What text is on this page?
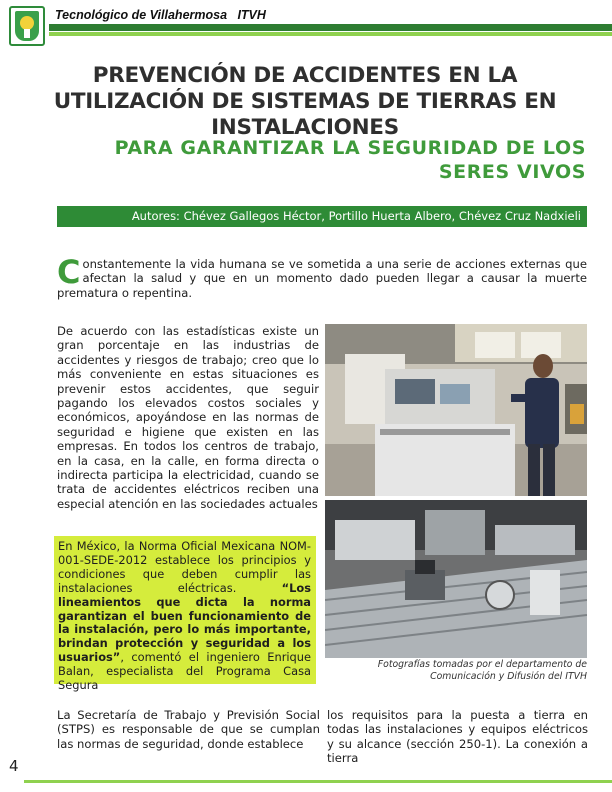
Tecnológico de Villahermosa   ITVH
PREVENCIÓN DE ACCIDENTES EN LA UTILIZACIÓN DE SISTEMAS DE TIERRAS EN INSTALACIONES
PARA GARANTIZAR LA SEGURIDAD DE LOS SERES VIVOS
Autores: Chévez Gallegos Héctor, Portillo Huerta Albero, Chévez Cruz Nadxieli
Constantemente la vida humana se ve sometida a una serie de acciones externas que afectan la salud y que en un momento dado pueden llegar a causar la muerte prematura o repentina.
De acuerdo con las estadísticas existe un gran porcentaje en las industrias de accidentes y riesgos de trabajo; creo que lo más conveniente en estas situaciones es prevenir estos accidentes, que seguir pagando los elevados costos sociales y económicos, apoyándose en las normas de seguridad e higiene que existen en las empresas. En todos los centros de trabajo, en la casa, en la calle, en forma directa o indirecta participa la electricidad, cuando se trata de accidentes eléctricos reciben una especial atención en las sociedades actuales
En México, la Norma Oficial Mexicana NOM-001-SEDE-2012 establece los principios y condiciones que deben cumplir las instalaciones eléctricas.	“Los lineamientos que dicta la norma garantizan el buen funcionamiento de la instalación, pero lo más importante, brindan protección y seguridad a los usuarios”, comentó el ingeniero Enrique Balan, especialista del Programa Casa Segura
Fotografías tomadas por el departamento de Comunicación y Difusión del ITVH
La Secretaría de Trabajo y Previsión Social (STPS) es responsable de que se cumplan las normas de seguridad, donde establece
los requisitos para la puesta a tierra en todas las instalaciones y equipos eléctricos y su alcance (sección 250-1). La conexión a tierra
4
